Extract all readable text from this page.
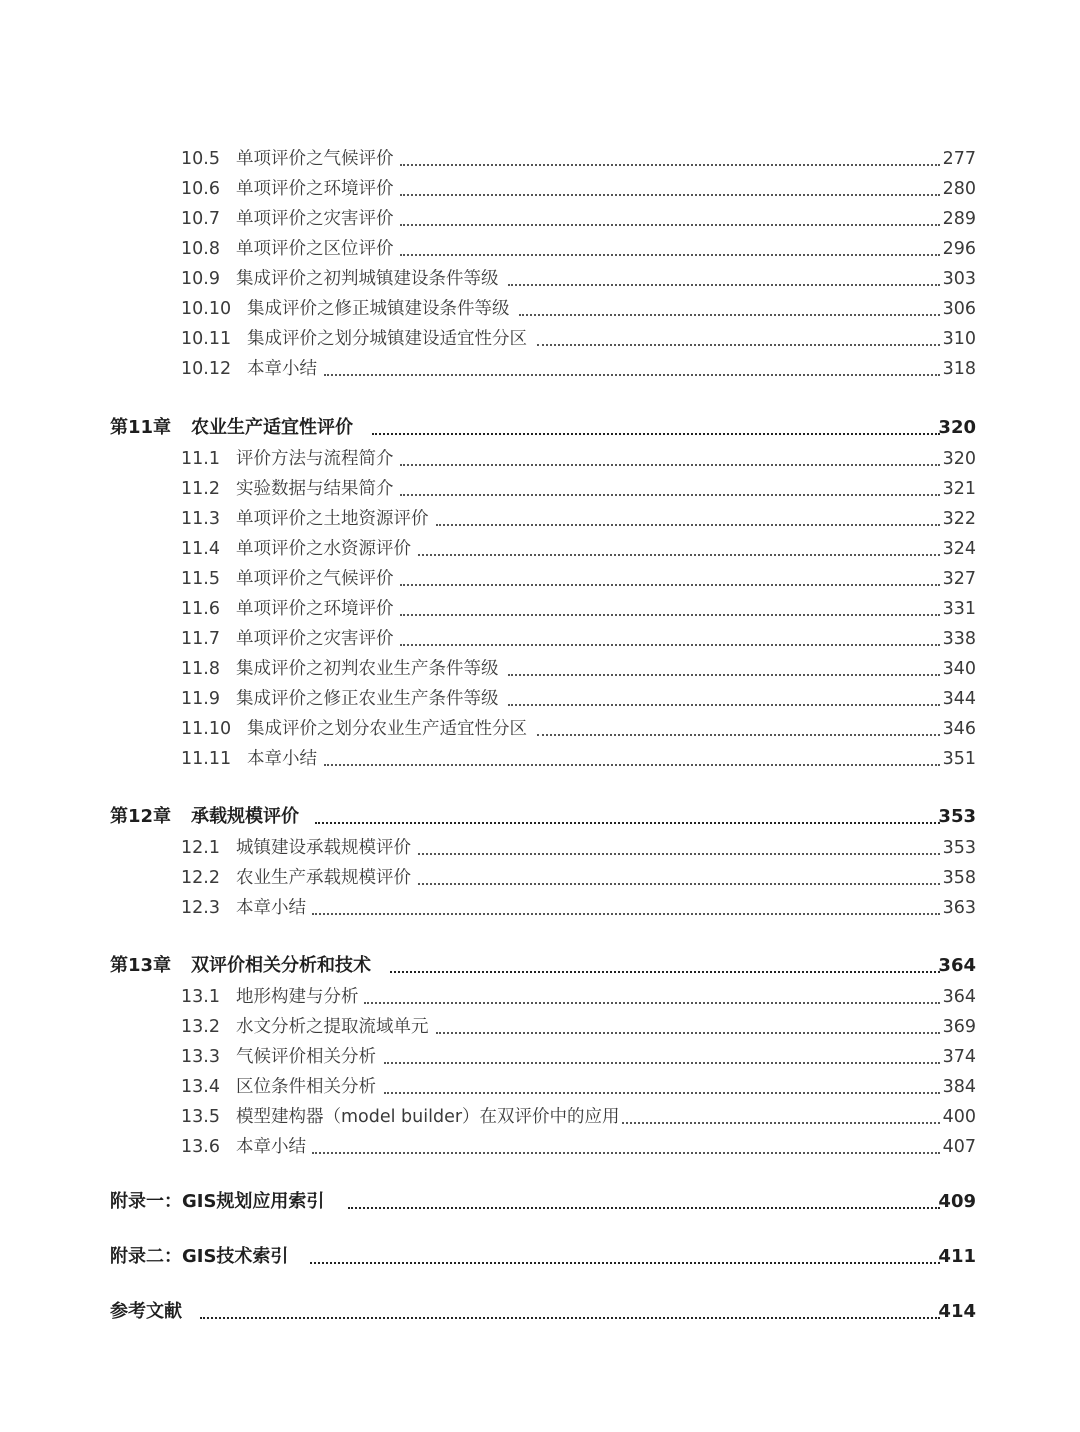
10.5 单项评价之气候评价	277
10.6 单项评价之环境评价	280
10.7 单项评价之灾害评价	289
10.8 单项评价之区位评价	296
10.9 集成评价之初判城镇建设条件等级	303
10.10 集成评价之修正城镇建设条件等级	306
10.11 集成评价之划分城镇建设适宜性分区	310
10.12 本章小结	318
第11章 农业生产适宜性评价	320
11.1 评价方法与流程简介	320
11.2 实验数据与结果简介	321
11.3 单项评价之土地资源评价	322
11.4 单项评价之水资源评价	324
11.5 单项评价之气候评价	327
11.6 单项评价之环境评价	331
11.7 单项评价之灾害评价	338
11.8 集成评价之初判农业生产条件等级	340
11.9 集成评价之修正农业生产条件等级	344
11.10 集成评价之划分农业生产适宜性分区	346
11.11 本章小结	351
第12章 承载规模评价	353
12.1 城镇建设承载规模评价	353
12.2 农业生产承载规模评价	358
12.3 本章小结	363
第13章 双评价相关分析和技术	364
13.1 地形构建与分析	364
13.2 水文分析之提取流域单元	369
13.3 气候评价相关分析	374
13.4 区位条件相关分析	384
13.5 模型建构器（model builder）在双评价中的应用	400
13.6 本章小结	407
附录一：GIS规划应用索引	409
附录二：GIS技术索引	411
参考文献	414
